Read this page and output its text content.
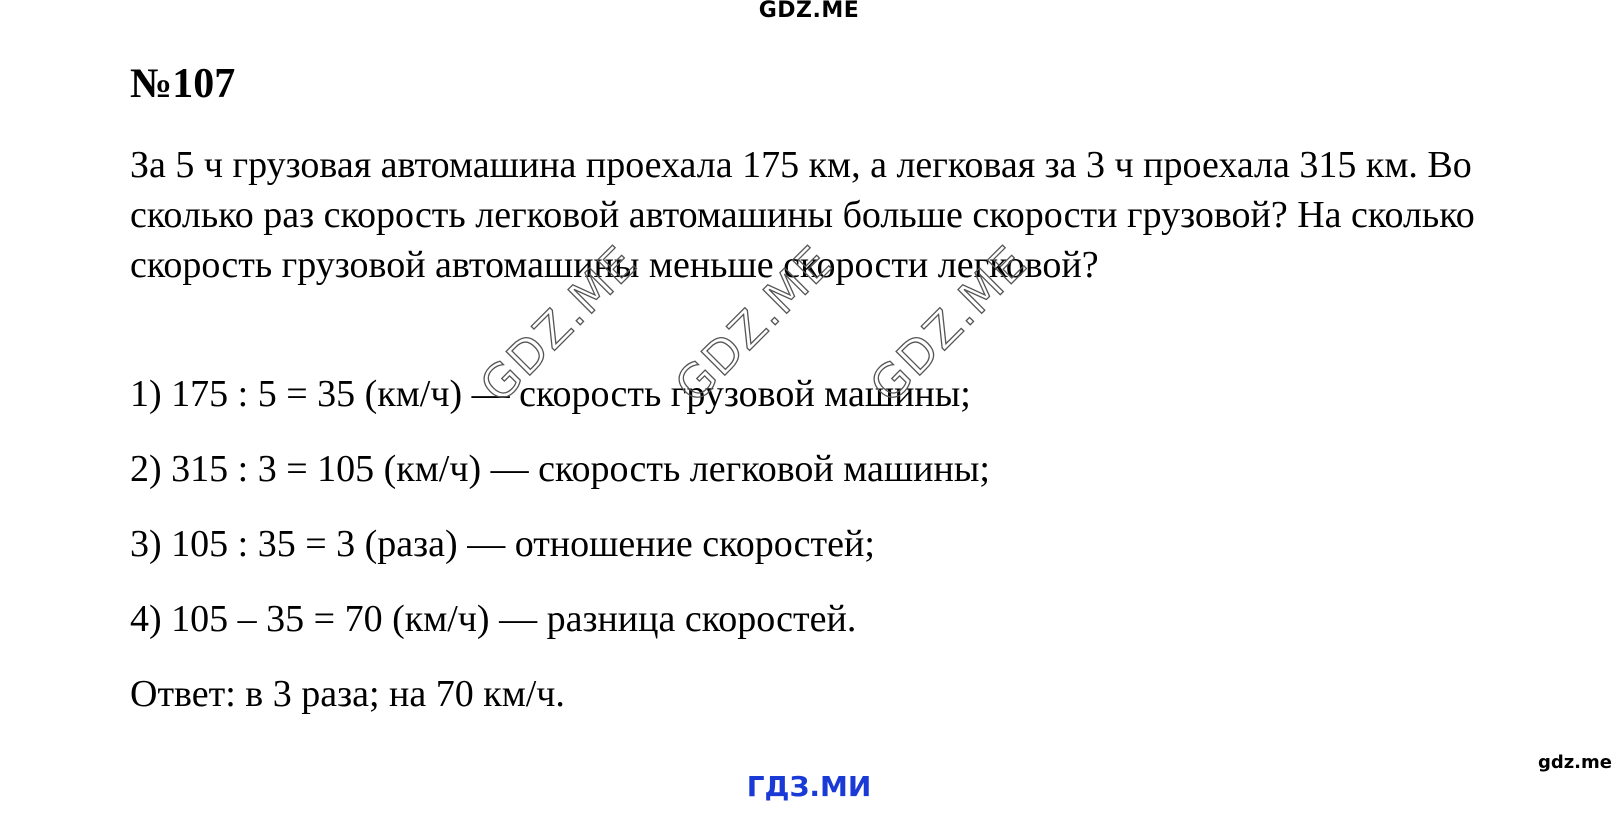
GDZ.ME
№107
За 5 ч грузовая автомашина проехала 175 км, а легковая за 3 ч проехала 315 км. Во сколько раз скорость легковой автомашины больше скорости грузовой? На сколько скорость грузовой автомашины меньше скорости легковой?
1) 175 : 5 = 35 (км/ч) — скорость грузовой машины;
2) 315 : 3 = 105 (км/ч) — скорость легковой машины;
3) 105 : 35 = 3 (раза) — отношение скоростей;
4) 105 – 35 = 70 (км/ч) — разница скоростей.
Ответ: в 3 раза; на 70 км/ч.
GDZ.ME GDZ.ME GDZ.ME
ГДЗ.МИ
gdz.me
